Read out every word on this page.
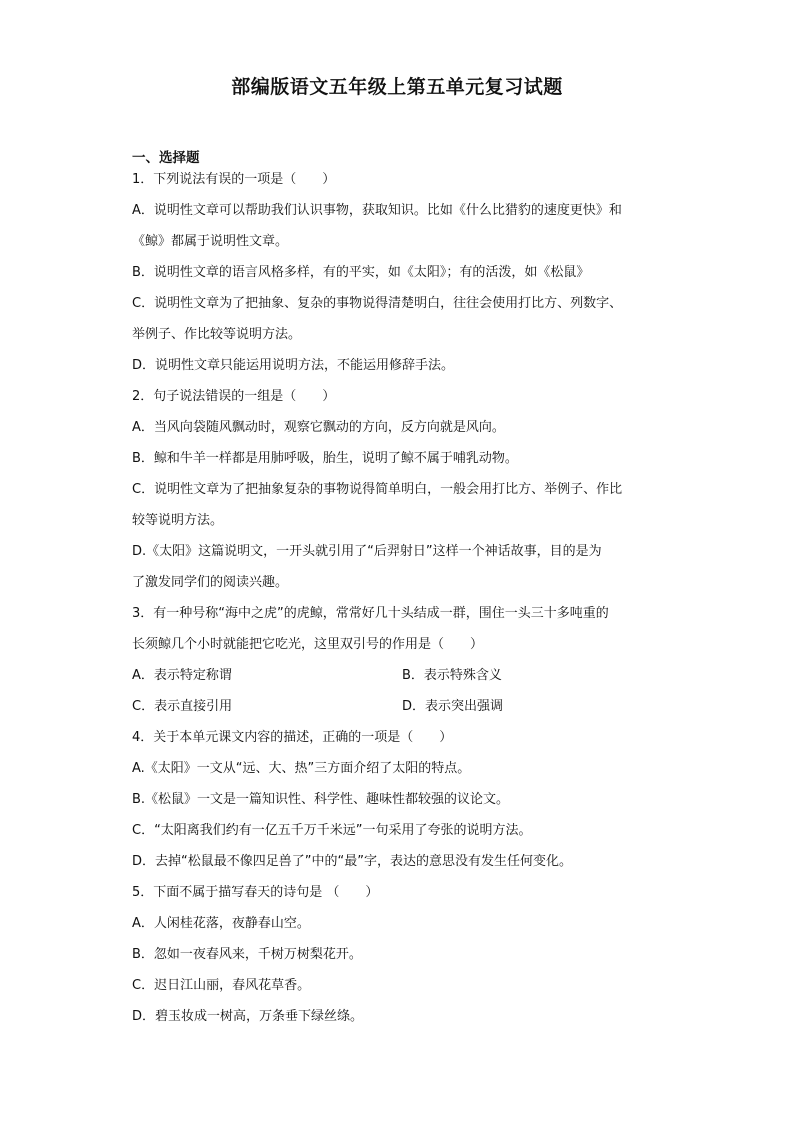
部编版语文五年级上第五单元复习试题
一、选择题
1．下列说法有误的一项是（　　）
A．说明性文章可以帮助我们认识事物，获取知识。比如《什么比猎豹的速度更快》和
《鲸》都属于说明性文章。
B．说明性文章的语言风格多样，有的平实，如《太阳》；有的活泼，如《松鼠》
C．说明性文章为了把抽象、复杂的事物说得清楚明白，往往会使用打比方、列数字、
举例子、作比较等说明方法。
D．说明性文章只能运用说明方法，不能运用修辞手法。
2．句子说法错误的一组是（　　）
A．当风向袋随风飘动时，观察它飘动的方向，反方向就是风向。
B．鲸和牛羊一样都是用肺呼吸，胎生，说明了鲸不属于哺乳动物。
C．说明性文章为了把抽象复杂的事物说得简单明白，一般会用打比方、举例子、作比
较等说明方法。
D.《太阳》这篇说明文，一开头就引用了“后羿射日”这样一个神话故事，目的是为
了激发同学们的阅读兴趣。
3．有一种号称“海中之虎”的虎鲸，常常好几十头结成一群，围住一头三十多吨重的
长须鲸几个小时就能把它吃光，这里双引号的作用是（　　）
A．表示特定称谓	B．表示特殊含义
C．表示直接引用	D．表示突出强调
4．关于本单元课文内容的描述，正确的一项是（　　）
A.《太阳》一文从“远、大、热”三方面介绍了太阳的特点。
B.《松鼠》一文是一篇知识性、科学性、趣味性都较强的议论文。
C．“太阳离我们约有一亿五千万千米远”一句采用了夸张的说明方法。
D．去掉“松鼠最不像四足兽了”中的“最”字，表达的意思没有发生任何变化。
5．下面不属于描写春天的诗句是 （　　）
A．人闲桂花落，夜静春山空。
B．忽如一夜春风来，千树万树梨花开。
C．迟日江山丽，春风花草香。
D．碧玉妆成一树高，万条垂下绿丝绦。
